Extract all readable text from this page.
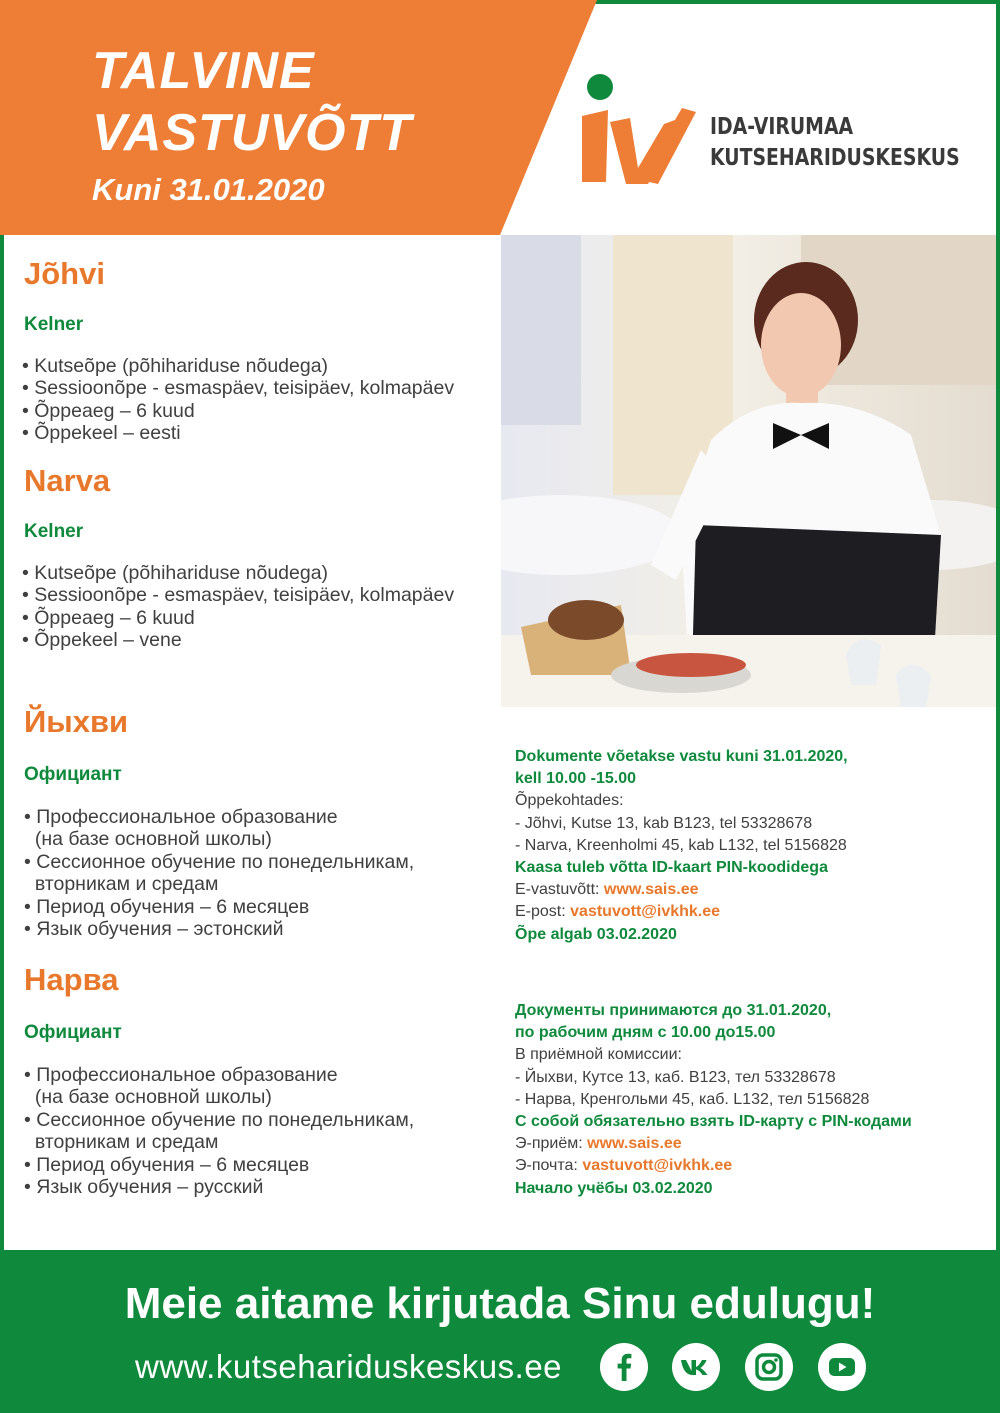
TALVINE
VASTUVÕTT
Kuni 31.01.2020
IDA-VIRUMAA
KUTSEHARIDUSKESKUS
Jõhvi
Kelner
• Kutseõpe (põhihariduse nõudega)
• Sessioonõpe - esmaspäev, teisipäev, kolmapäev
• Õppeaeg – 6 kuud
• Õppekeel – eesti
Narva
Kelner
• Kutseõpe (põhihariduse nõudega)
• Sessioonõpe - esmaspäev, teisipäev, kolmapäev
• Õppeaeg – 6 kuud
• Õppekeel – vene
Йыхви
Официант
• Профессиональное образование
(на базе основной школы)
• Сессионное обучение по понедельникам,
вторникам и средам
• Период обучения – 6 месяцев
• Язык обучения – эстонский
Нарва
Официант
• Профессиональное образование
(на базе основной школы)
• Сессионное обучение по понедельникам,
вторникам и средам
• Период обучения – 6 месяцев
• Язык обучения – русский
Dokumente võetakse vastu kuni 31.01.2020,
kell 10.00 -15.00
Õppekohtades:
- Jõhvi, Kutse 13, kab B123, tel 53328678
- Narva, Kreenholmi 45, kab L132, tel 5156828
Kaasa tuleb võtta ID-kaart PIN-koodidega
E-vastuvõtt: www.sais.ee
E-post: vastuvott@ivkhk.ee
Õpe algab 03.02.2020
Документы принимаются до 31.01.2020,
по рабочим дням с 10.00 до15.00
В приёмной комиссии:
- Йыхви, Кутсе 13, каб. B123, тел 53328678
- Нарва, Кренгольми 45, каб. L132, тел 5156828
С собой обязательно взять ID-карту с PIN-кодами
Э-приём: www.sais.ee
Э-почта: vastuvott@ivkhk.ee
Начало учёбы 03.02.2020
Meie aitame kirjutada Sinu edulugu!
www.kutsehariduskeskus.ee
